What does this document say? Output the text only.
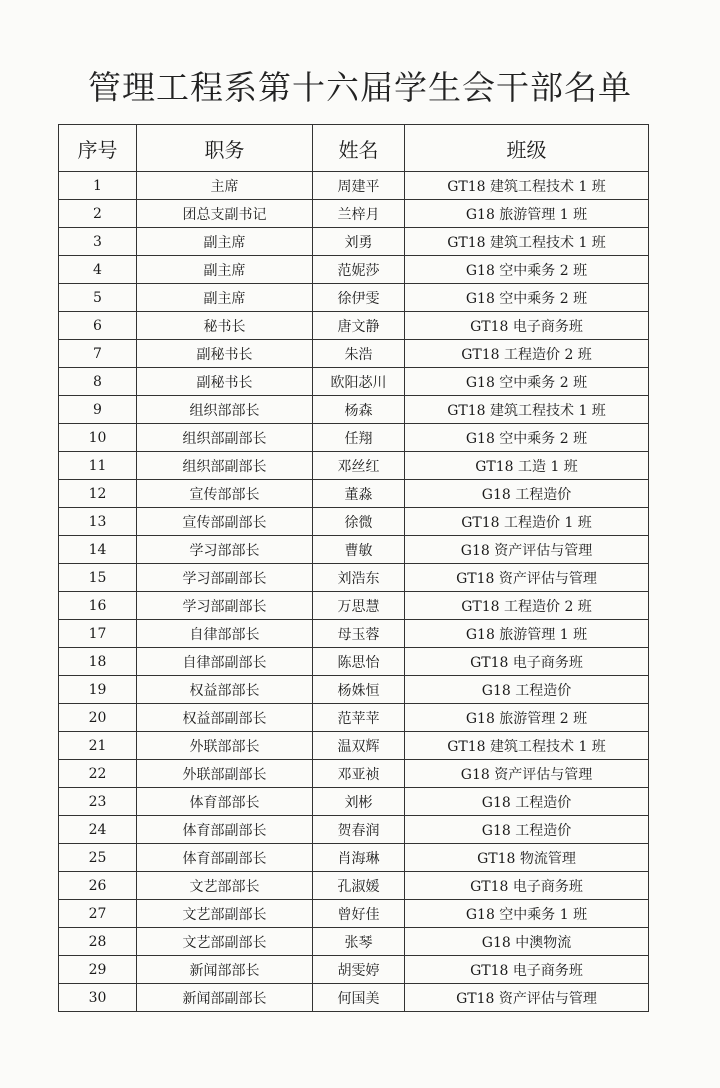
管理工程系第十六届学生会干部名单
序号	职务	姓名	班级
1	主席	周建平	GT18 建筑工程技术 1 班
2	团总支副书记	兰梓月	G18 旅游管理 1 班
3	副主席	刘勇	GT18 建筑工程技术 1 班
4	副主席	范妮莎	G18 空中乘务 2 班
5	副主席	徐伊雯	G18 空中乘务 2 班
6	秘书长	唐文静	GT18 电子商务班
7	副秘书长	朱浩	GT18 工程造价 2 班
8	副秘书长	欧阳苾川	G18 空中乘务 2 班
9	组织部部长	杨森	GT18 建筑工程技术 1 班
10	组织部副部长	任翔	G18 空中乘务 2 班
11	组织部副部长	邓丝红	GT18 工造 1 班
12	宣传部部长	董淼	G18 工程造价
13	宣传部副部长	徐微	GT18 工程造价 1 班
14	学习部部长	曹敏	G18 资产评估与管理
15	学习部副部长	刘浩东	GT18 资产评估与管理
16	学习部副部长	万思慧	GT18 工程造价 2 班
17	自律部部长	母玉蓉	G18 旅游管理 1 班
18	自律部副部长	陈思怡	GT18 电子商务班
19	权益部部长	杨姝恒	G18 工程造价
20	权益部副部长	范苹苹	G18 旅游管理 2 班
21	外联部部长	温双辉	GT18 建筑工程技术 1 班
22	外联部副部长	邓亚祯	G18 资产评估与管理
23	体育部部长	刘彬	G18 工程造价
24	体育部副部长	贺春润	G18 工程造价
25	体育部副部长	肖海琳	GT18 物流管理
26	文艺部部长	孔淑媛	GT18 电子商务班
27	文艺部副部长	曾好佳	G18 空中乘务 1 班
28	文艺部副部长	张琴	G18 中澳物流
29	新闻部部长	胡雯婷	GT18 电子商务班
30	新闻部副部长	何国美	GT18 资产评估与管理
